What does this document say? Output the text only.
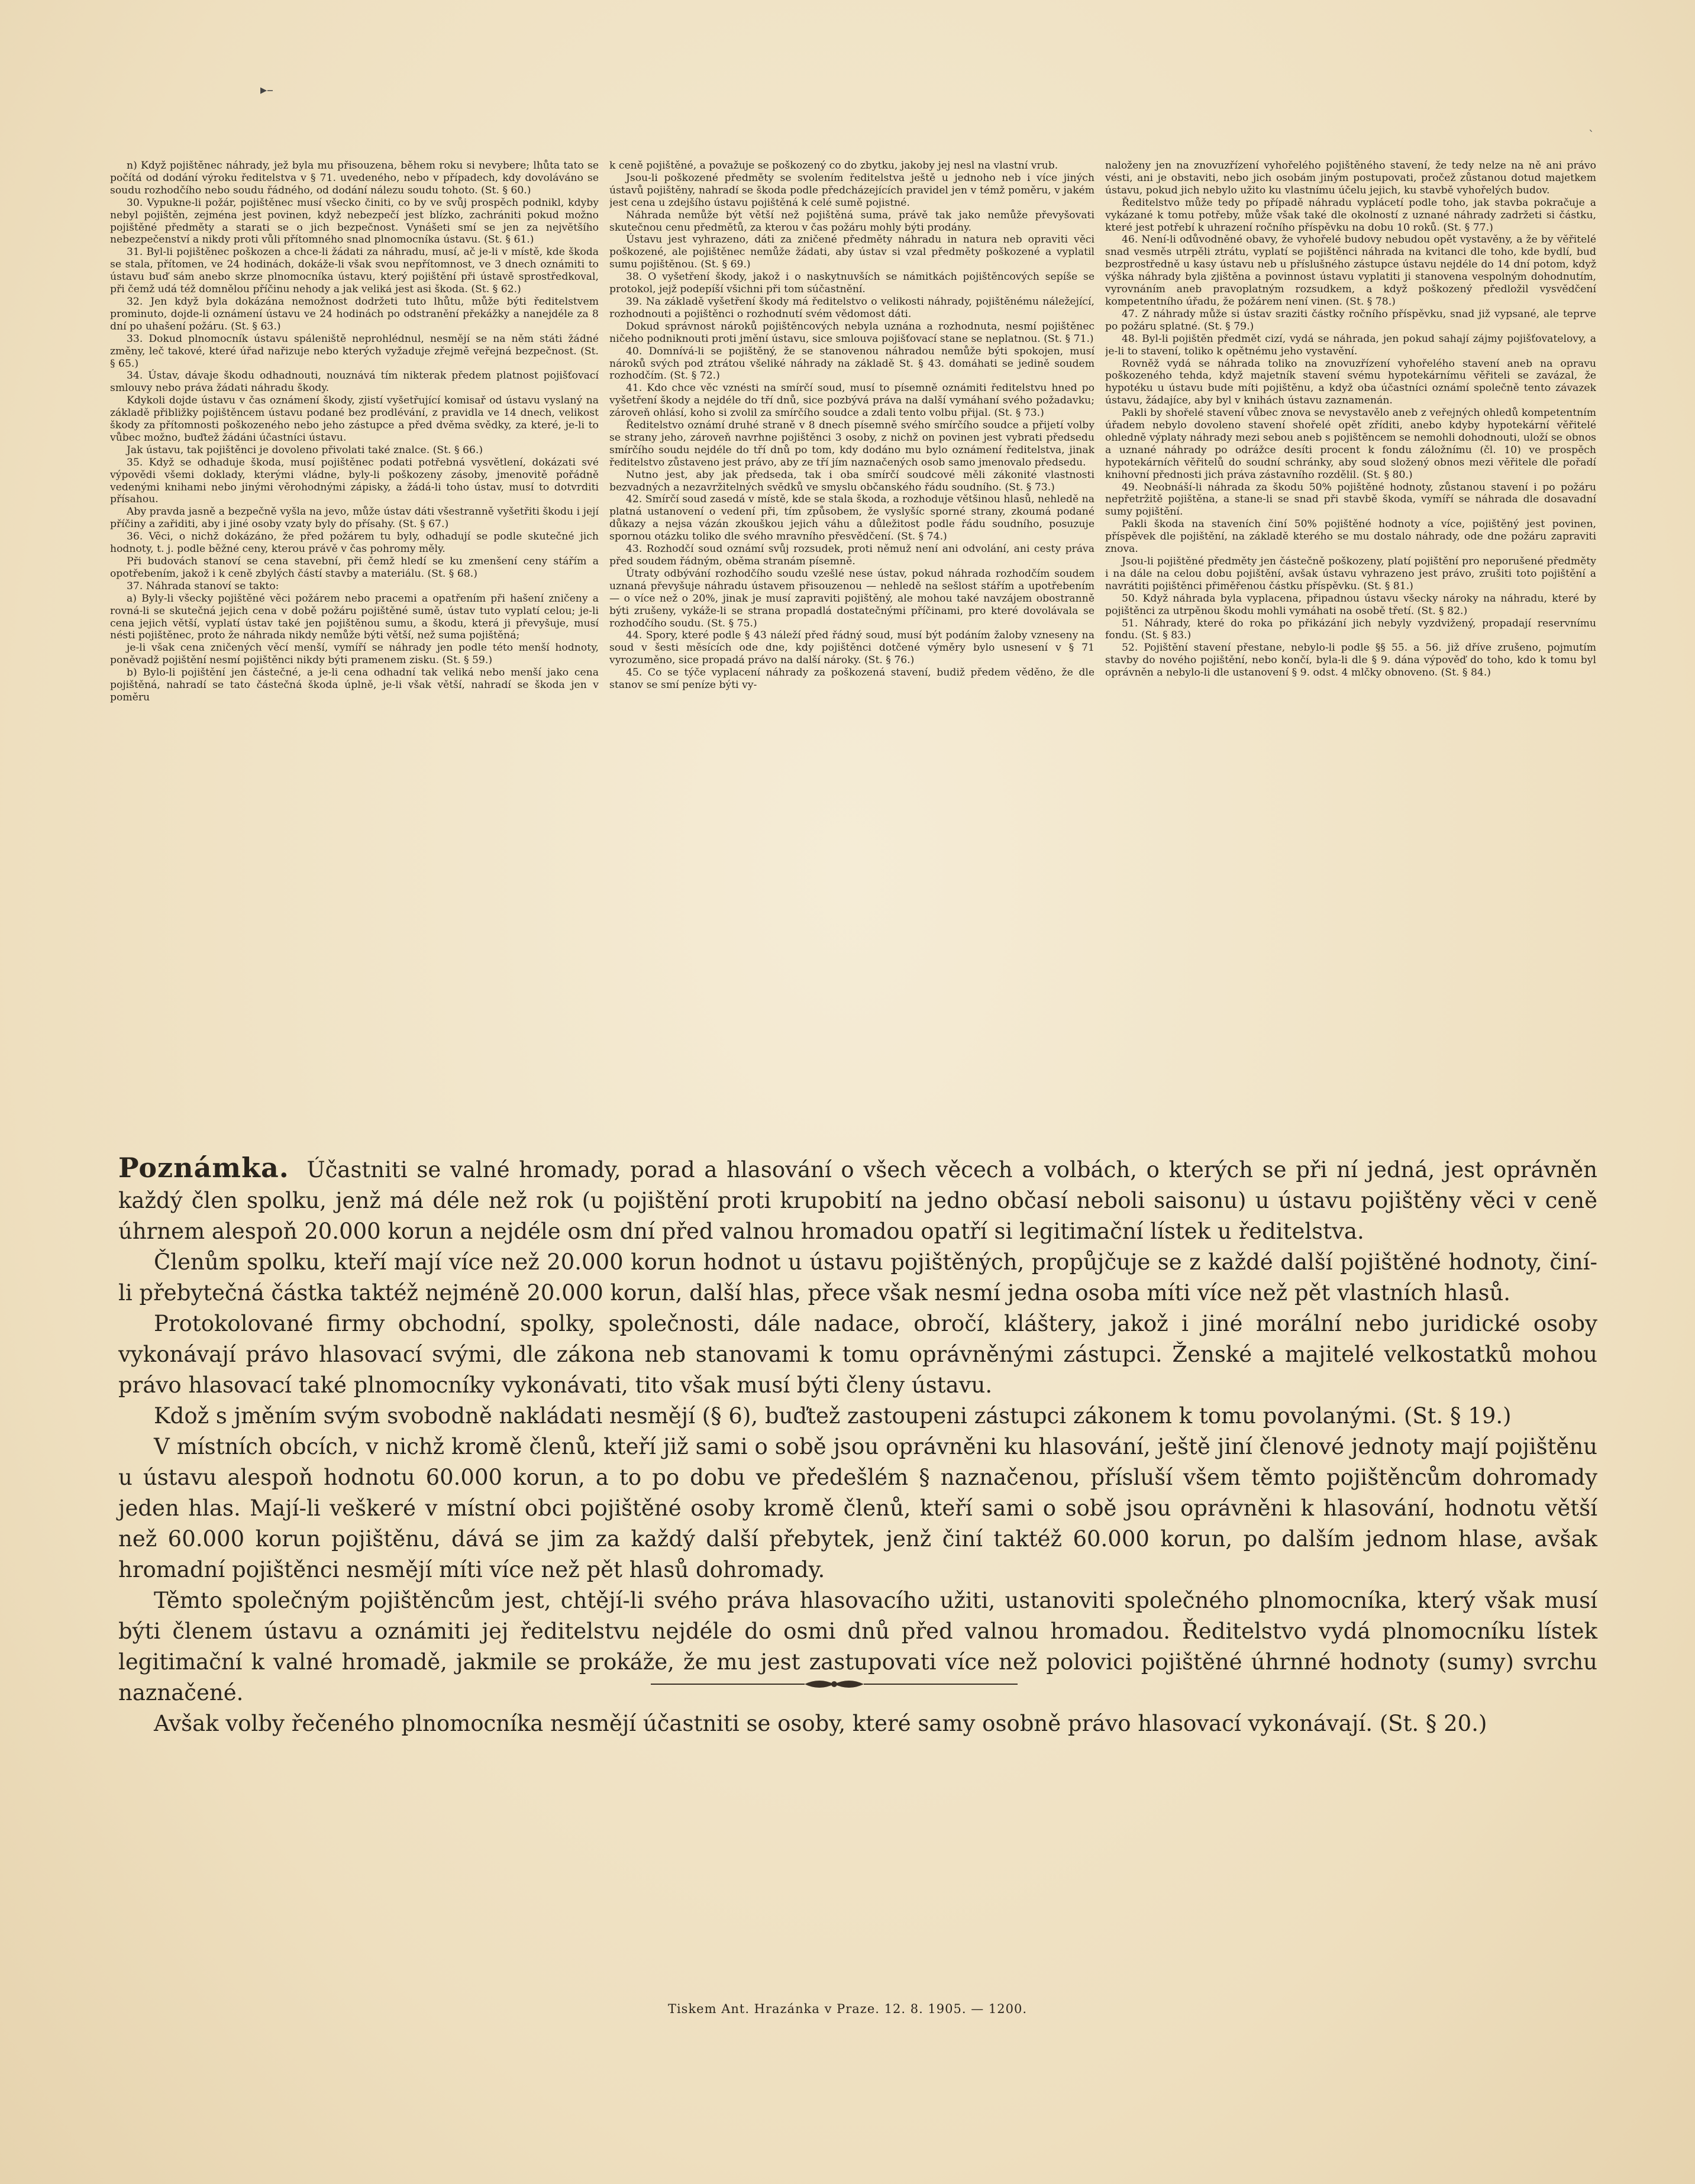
▸–
ˋ

n) Když pojištěnec náhrady, jež byla mu přisouzena, během roku si nevybere; lhůta tato se počítá od dodání výroku ředitelstva v § 71. uvedeného, nebo v případech, kdy dovoláváno se soudu rozhodčího nebo soudu řádného, od dodání nálezu soudu tohoto. (St. § 60.)

30. Vypukne-li požár, pojištěnec musí všecko činiti, co by ve svůj prospěch podnikl, kdyby nebyl pojištěn, zejména jest povinen, když nebezpečí jest blízko, zachrániti pokud možno pojištěné předměty a starati se o jich bezpečnost. Vynášeti smí se jen za největšího nebezpečenství a nikdy proti vůli přítomného snad plnomocníka ústavu. (St. § 61.)

31. Byl-li pojištěnec poškozen a chce-li žádati za náhradu, musí, ač je-li v místě, kde škoda se stala, přítomen, ve 24 hodinách, dokáže-li však svou nepřítomnost, ve 3 dnech oznámiti to ústavu buď sám anebo skrze plnomocníka ústavu, který pojištění při ústavě sprostředkoval, při čemž udá též domnělou příčinu nehody a jak veliká jest asi škoda. (St. § 62.)

32. Jen když byla dokázána nemožnost dodržeti tuto lhůtu, může býti ředitelstvem prominuto, dojde-li oznámení ústavu ve 24 hodinách po odstranění překážky a nanejdéle za 8 dní po uhašení požáru. (St. § 63.)

33. Dokud plnomocník ústavu spáleniště neprohlédnul, nesmějí se na něm státi žádné změny, leč takové, které úřad nařizuje nebo kterých vyžaduje zřejmě veřejná bezpečnost. (St. § 65.)

34. Ústav, dávaje škodu odhadnouti, nouznává tím nikterak předem platnost pojišťovací smlouvy nebo práva žádati náhradu škody.

Kdykoli dojde ústavu v čas oznámení škody, zjistí vyšetřující komisař od ústavu vyslaný na základě přibližky pojištěncem ústavu podané bez prodlévání, z pravidla ve 14 dnech, velikost škody za přítomnosti poškozeného nebo jeho zástupce a před dvěma svědky, za které, je-li to vůbec možno, buďtež žádáni účastníci ústavu.

Jak ústavu, tak pojištěnci je dovoleno přivolati také znalce. (St. § 66.)

35. Když se odhaduje škoda, musí pojištěnec podati potřebná vysvětlení, dokázati své výpovědi všemi doklady, kterými vládne, byly-li poškozeny zásoby, jmenovitě pořádně vedenými knihami nebo jinými věrohodnými zápisky, a žádá-li toho ústav, musí to dotvrditi přísahou.

Aby pravda jasně a bezpečně vyšla na jevo, může ústav dáti všestranně vyšetřiti škodu i její příčiny a zařiditi, aby i jiné osoby vzaty byly do přísahy. (St. § 67.)

36. Věci, o nichž dokázáno, že před požárem tu byly, odhadují se podle skutečné jich hodnoty, t. j. podle běžné ceny, kterou právě v čas pohromy měly.

Při budovách stanoví se cena stavební, při čemž hledí se ku zmenšení ceny stářím a opotřebením, jakož i k ceně zbylých částí stavby a materiálu. (St. § 68.)

37. Náhrada stanoví se takto:

a) Byly-li všecky pojištěné věci požárem nebo pracemi a opatřením při hašení zničeny a rovná-li se skutečná jejich cena v době požáru pojištěné sumě, ústav tuto vyplatí celou; je-li cena jejich větší, vyplatí ústav také jen pojištěnou sumu, a škodu, která ji převyšuje, musí nésti pojištěnec, proto že náhrada nikdy nemůže býti větší, než suma pojištěná;

je-li však cena zničených věcí menší, vymíří se náhrady jen podle této menší hodnoty, poněvadž pojištění nesmí pojištěnci nikdy býti pramenem zisku. (St. § 59.)

b) Bylo-li pojištění jen částečné, a je-li cena odhadní tak veliká nebo menší jako cena pojištěná, nahradí se tato částečná škoda úplně, je-li však větší, nahradí se škoda jen v poměru

k ceně pojištěné, a považuje se poškozený co do zbytku, jakoby jej nesl na vlastní vrub.

Jsou-li poškozené předměty se svolením ředitelstva ještě u jednoho neb i více jiných ústavů pojištěny, nahradí se škoda podle předcházejících pravidel jen v témž poměru, v jakém jest cena u zdejšího ústavu pojištěná k celé sumě pojistné.

Náhrada nemůže být větší než pojištěná suma, právě tak jako nemůže převyšovati skutečnou cenu předmětů, za kterou v čas požáru mohly býti prodány.

Ústavu jest vyhrazeno, dáti za zničené předměty náhradu in natura neb opraviti věci poškozené, ale pojištěnec nemůže žádati, aby ústav si vzal předměty poškozené a vyplatil sumu pojištěnou. (St. § 69.)

38. O vyšetření škody, jakož i o naskytnuvších se námitkách pojištěncových sepíše se protokol, jejž podepíší všichni při tom súčastnění.

39. Na základě vyšetření škody má ředitelstvo o velikosti náhrady, pojištěnému náležející, rozhodnouti a pojištěnci o rozhodnutí svém vědomost dáti.

Dokud správnost nároků pojištěncových nebyla uznána a rozhodnuta, nesmí pojištěnec ničeho podniknouti proti jmění ústavu, sice smlouva pojišťovací stane se neplatnou. (St. § 71.)

40. Domnívá-li se pojištěný, že se stanovenou náhradou nemůže býti spokojen, musí nároků svých pod ztrátou všeliké náhrady na základě St. § 43. domáhati se jedině soudem rozhodčím. (St. § 72.)

41. Kdo chce věc vznésti na smírčí soud, musí to písemně oznámiti ředitelstvu hned po vyšetření škody a nejdéle do tří dnů, sice pozbývá práva na další vymáhaní svého požadavku; zároveň ohlásí, koho si zvolil za smírčího soudce a zdali tento volbu přijal. (St. § 73.)

Ředitelstvo oznámí druhé straně v 8 dnech písemně svého smírčího soudce a přijetí volby se strany jeho, zároveň navrhne pojištěnci 3 osoby, z nichž on povinen jest vybrati předsedu smírčího soudu nejdéle do tří dnů po tom, kdy dodáno mu bylo oznámení ředitelstva, jinak ředitelstvo zůstaveno jest právo, aby ze tří jím naznačených osob samo jmenovalo předsedu.

Nutno jest, aby jak předseda, tak i oba smírčí soudcové měli zákonité vlastnosti bezvadných a nezavržitelných svědků ve smyslu občanského řádu soudního. (St. § 73.)

42. Smírčí soud zasedá v místě, kde se stala škoda, a rozhoduje většinou hlasů, nehledě na platná ustanovení o vedení při, tím způsobem, že vyslyšíc sporné strany, zkoumá podané důkazy a nejsa vázán zkouškou jejich váhu a důležitost podle řádu soudního, posuzuje spornou otázku toliko dle svého mravního přesvědčení. (St. § 74.)

43. Rozhodčí soud oznámí svůj rozsudek, proti němuž není ani odvolání, ani cesty práva před soudem řádným, oběma stranám písemně.

Útraty odbývání rozhodčího soudu vzešlé nese ústav, pokud náhrada rozhodčím soudem uznaná převyšuje náhradu ústavem přisouzenou — nehledě na sešlost stářím a upotřebením — o více než o 20%, jinak je musí zapraviti pojištěný, ale mohou také navzájem obostranně býti zrušeny, vykáže-li se strana propadlá dostatečnými příčinami, pro které dovolávala se rozhodčího soudu. (St. § 75.)

44. Spory, které podle § 43 náleží před řádný soud, musí být podáním žaloby vzneseny na soud v šesti měsících ode dne, kdy pojištěnci dotčené výměry bylo usnesení v § 71 vyrozuměno, sice propadá právo na další nároky. (St. § 76.)

45. Co se týče vyplacení náhrady za poškozená stavení, budiž předem věděno, že dle stanov se smí peníze býti vy-

naloženy jen na znovuzřízení vyhořelého pojištěného stavení, že tedy nelze na ně ani právo vésti, ani je obstaviti, nebo jich osobám jiným postupovati, pročež zůstanou dotud majetkem ústavu, pokud jich nebylo užito ku vlastnímu účelu jejich, ku stavbě vyhořelých budov.

Ředitelstvo může tedy po případě náhradu vyplácetí podle toho, jak stavba pokračuje a vykázané k tomu potřeby, může však také dle okolností z uznané náhrady zadržeti si částku, které jest potřebí k uhrazení ročního příspěvku na dobu 10 roků. (St. § 77.)

46. Není-li odůvodněné obavy, že vyhořelé budovy nebudou opět vystavěny, a že by věřitelé snad vesměs utrpěli ztrátu, vyplatí se pojištěnci náhrada na kvitanci dle toho, kde bydlí, buď bezprostředně u kasy ústavu neb u příslušného zástupce ústavu nejdéle do 14 dní potom, když výška náhrady byla zjištěna a povinnost ústavu vyplatiti ji stanovena vespolným dohodnutím, vyrovnáním aneb pravoplatným rozsudkem, a když poškozený předložil vysvědčení kompetentního úřadu, že požárem není vinen. (St. § 78.)

47. Z náhrady může si ústav sraziti částky ročního příspěvku, snad již vypsané, ale teprve po požáru splatné. (St. § 79.)

48. Byl-li pojištěn předmět cizí, vydá se náhrada, jen pokud sahají zájmy pojišťovatelovy, a je-li to stavení, toliko k opětnému jeho vystavění.

Rovněž vydá se náhrada toliko na znovuzřízení vyhořelého stavení aneb na opravu poškozeného tehda, když majetník stavení svému hypotekárnímu věřiteli se zavázal, že hypotéku u ústavu bude míti pojištěnu, a když oba účastníci oznámí společně tento závazek ústavu, žádajíce, aby byl v knihách ústavu zaznamenán.

Pakli by shořelé stavení vůbec znova se nevystavělo aneb z veřejných ohledů kompetentním úřadem nebylo dovoleno stavení shořelé opět zříditi, anebo kdyby hypotekární věřitelé ohledně výplaty náhrady mezi sebou aneb s pojištěncem se nemohli dohodnouti, uloží se obnos a uznané náhrady po odrážce desíti procent k fondu záložnímu (čl. 10) ve prospěch hypotekárních věřitelů do soudní schránky, aby soud složený obnos mezi věřitele dle pořadí knihovní přednosti jich práva zástavního rozdělil. (St. § 80.)

49. Neobnáší-li náhrada za škodu 50% pojištěné hodnoty, zůstanou stavení i po požáru nepřetržitě pojištěna, a stane-li se snad při stavbě škoda, vymíří se náhrada dle dosavadní sumy pojištění.

Pakli škoda na staveních činí 50% pojištěné hodnoty a více, pojištěný jest povinen, příspěvek dle pojištění, na základě kterého se mu dostalo náhrady, ode dne požáru zapraviti znova.

Jsou-li pojištěné předměty jen částečně poškozeny, platí pojištění pro neporušené předměty i na dále na celou dobu pojištění, avšak ústavu vyhrazeno jest právo, zrušiti toto pojištění a navrátiti pojištěnci přiměřenou částku příspěvku. (St. § 81.)

50. Když náhrada byla vyplacena, připadnou ústavu všecky nároky na náhradu, které by pojištěnci za utrpěnou škodu mohli vymáhati na osobě třetí. (St. § 82.)

51. Náhrady, které do roka po přikázání jich nebyly vyzdvižený, propadají reservnímu fondu. (St. § 83.)

52. Pojištění stavení přestane, nebylo-li podle §§ 55. a 56. již dříve zrušeno, pojmutím stavby do nového pojištění, nebo končí, byla-li dle § 9. dána výpověď do toho, kdo k tomu byl oprávněn a nebylo-li dle ustanovení § 9. odst. 4 mlčky obnoveno. (St. § 84.)

Poznámka. Účastniti se valné hromady, porad a hlasování o všech věcech a volbách, o kterých se při ní jedná, jest oprávněn každý člen spolku, jenž má déle než rok (u pojištění proti krupobití na jedno občasí neboli saisonu) u ústavu pojištěny věci v ceně úhrnem alespoň 20.000 korun a nejdéle osm dní před valnou hromadou opatří si legitimační lístek u ředitelstva.

Členům spolku, kteří mají více než 20.000 korun hodnot u ústavu pojištěných, propůjčuje se z každé další pojištěné hodnoty, činí-li přebytečná částka taktéž nejméně 20.000 korun, další hlas, přece však nesmí jedna osoba míti více než pět vlastních hlasů.

Protokolované firmy obchodní, spolky, společnosti, dále nadace, obročí, kláštery, jakož i jiné morální nebo juridické osoby vykonávají právo hlasovací svými, dle zákona neb stanovami k tomu oprávněnými zástupci. Ženské a majitelé velkostatků mohou právo hlasovací také plnomocníky vykonávati, tito však musí býti členy ústavu.

Kdož s jměním svým svobodně nakládati nesmějí (§ 6), buďtež zastoupeni zástupci zákonem k tomu povolanými. (St. § 19.)

V místních obcích, v nichž kromě členů, kteří již sami o sobě jsou oprávněni ku hlasování, ještě jiní členové jednoty mají pojištěnu u ústavu alespoň hodnotu 60.000 korun, a to po dobu ve předešlém § naznačenou, přísluší všem těmto pojištěncům dohromady jeden hlas. Mají-li veškeré v místní obci pojištěné osoby kromě členů, kteří sami o sobě jsou oprávněni k hlasování, hodnotu větší než 60.000 korun pojištěnu, dává se jim za každý další přebytek, jenž činí taktéž 60.000 korun, po dalším jednom hlase, avšak hromadní pojištěnci nesmějí míti více než pět hlasů dohromady.

Těmto společným pojištěncům jest, chtějí-li svého práva hlasovacího užiti, ustanoviti společného plnomocníka, který však musí býti členem ústavu a oznámiti jej ředitelstvu nejdéle do osmi dnů před valnou hromadou. Ředitelstvo vydá plnomocníku lístek legitimační k valné hromadě, jakmile se prokáže, že mu jest zastupovati více než polovici pojištěné úhrnné hodnoty (sumy) svrchu naznačené.

Avšak volby řečeného plnomocníka nesmějí účastniti se osoby, které samy osobně právo hlasovací vykonávají. (St. § 20.)

Tiskem Ant. Hrazánka v Praze. 12. 8. 1905. — 1200.
